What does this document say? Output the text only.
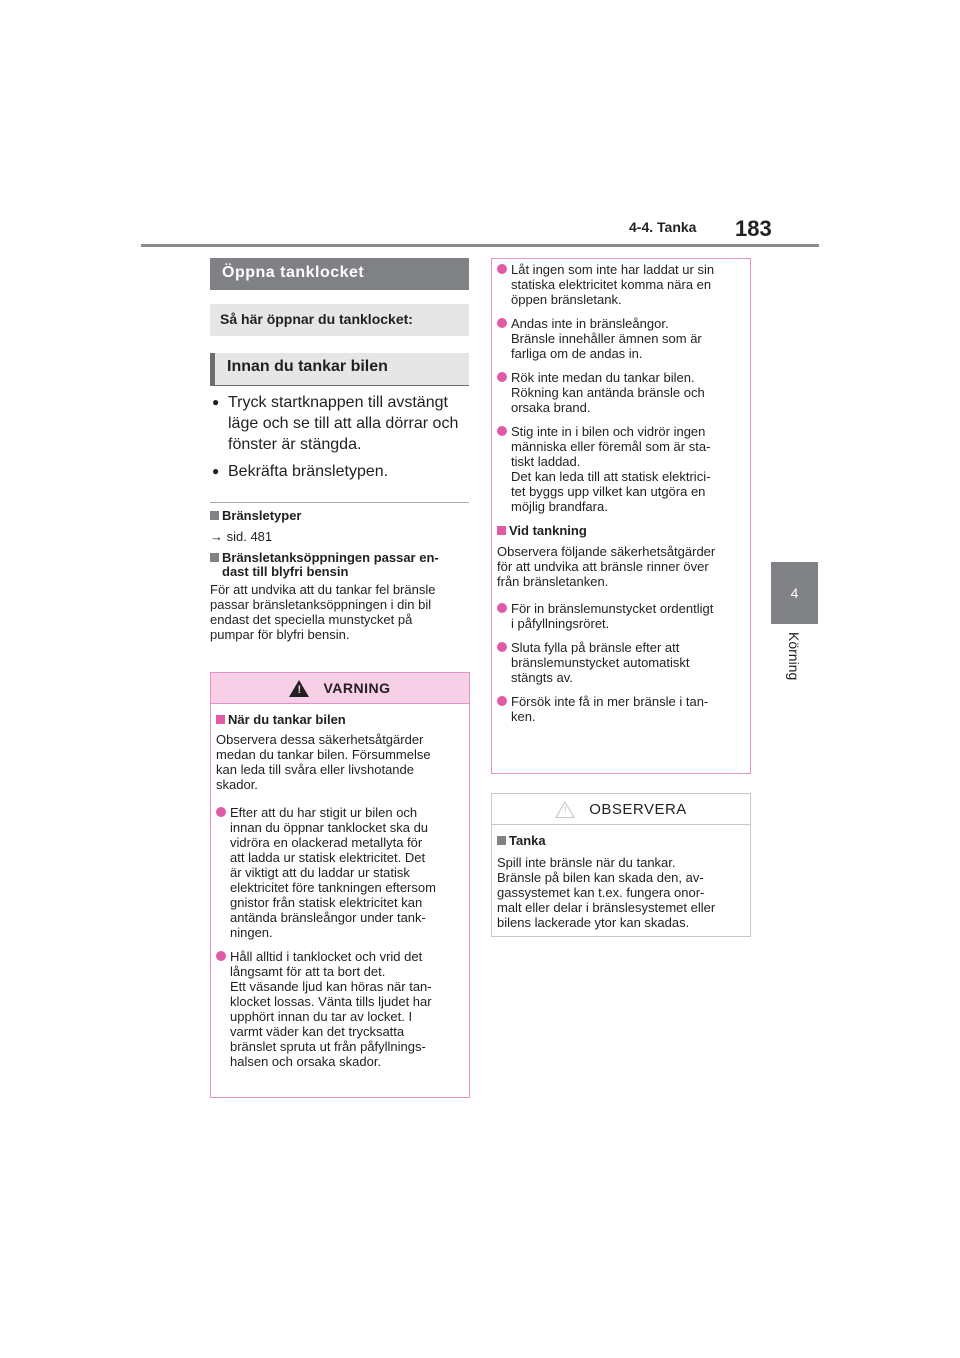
4-4. Tanka 183
4
Körning
Öppna tanklocket
Så här öppnar du tanklocket:
Innan du tankar bilen
● Tryck startknappen till avstängt
läge och se till att alla dörrar och
fönster är stängda.
● Bekräfta bränsletypen.
Bränsletyper
→ sid. 481
Bränsletanksöppningen passar en-
dast till blyfri bensin
För att undvika att du tankar fel bränsle
passar bränsletanksöppningen i din bil
endast det speciella munstycket på
pumpar för blyfri bensin.
! VARNING
När du tankar bilen
Observera dessa säkerhetsåtgärder
medan du tankar bilen. Försummelse
kan leda till svåra eller livshotande
skador.
Efter att du har stigit ur bilen och
innan du öppnar tanklocket ska du
vidröra en olackerad metallyta för
att ladda ur statisk elektricitet. Det
är viktigt att du laddar ur statisk
elektricitet före tankningen eftersom
gnistor från statisk elektricitet kan
antända bränsleångor under tank-
ningen.
Håll alltid i tanklocket och vrid det
långsamt för att ta bort det.
Ett väsande ljud kan höras när tan-
klocket lossas. Vänta tills ljudet har
upphört innan du tar av locket. I
varmt väder kan det trycksatta
bränslet spruta ut från påfyllnings-
halsen och orsaka skador.
Låt ingen som inte har laddat ur sin
statiska elektricitet komma nära en
öppen bränsletank.
Andas inte in bränsleångor.
Bränsle innehåller ämnen som är
farliga om de andas in.
Rök inte medan du tankar bilen.
Rökning kan antända bränsle och
orsaka brand.
Stig inte in i bilen och vidrör ingen
människa eller föremål som är sta-
tiskt laddad.
Det kan leda till att statisk elektrici-
tet byggs upp vilket kan utgöra en
möjlig brandfara.
Vid tankning
Observera följande säkerhetsåtgärder
för att undvika att bränsle rinner över
från bränsletanken.
För in bränslemunstycket ordentligt
i påfyllningsröret.
Sluta fylla på bränsle efter att
bränslemunstycket automatiskt
stängts av.
Försök inte få in mer bränsle i tan-
ken.
! OBSERVERA
Tanka
Spill inte bränsle när du tankar.
Bränsle på bilen kan skada den, av-
gassystemet kan t.ex. fungera onor-
malt eller delar i bränslesystemet eller
bilens lackerade ytor kan skadas.
